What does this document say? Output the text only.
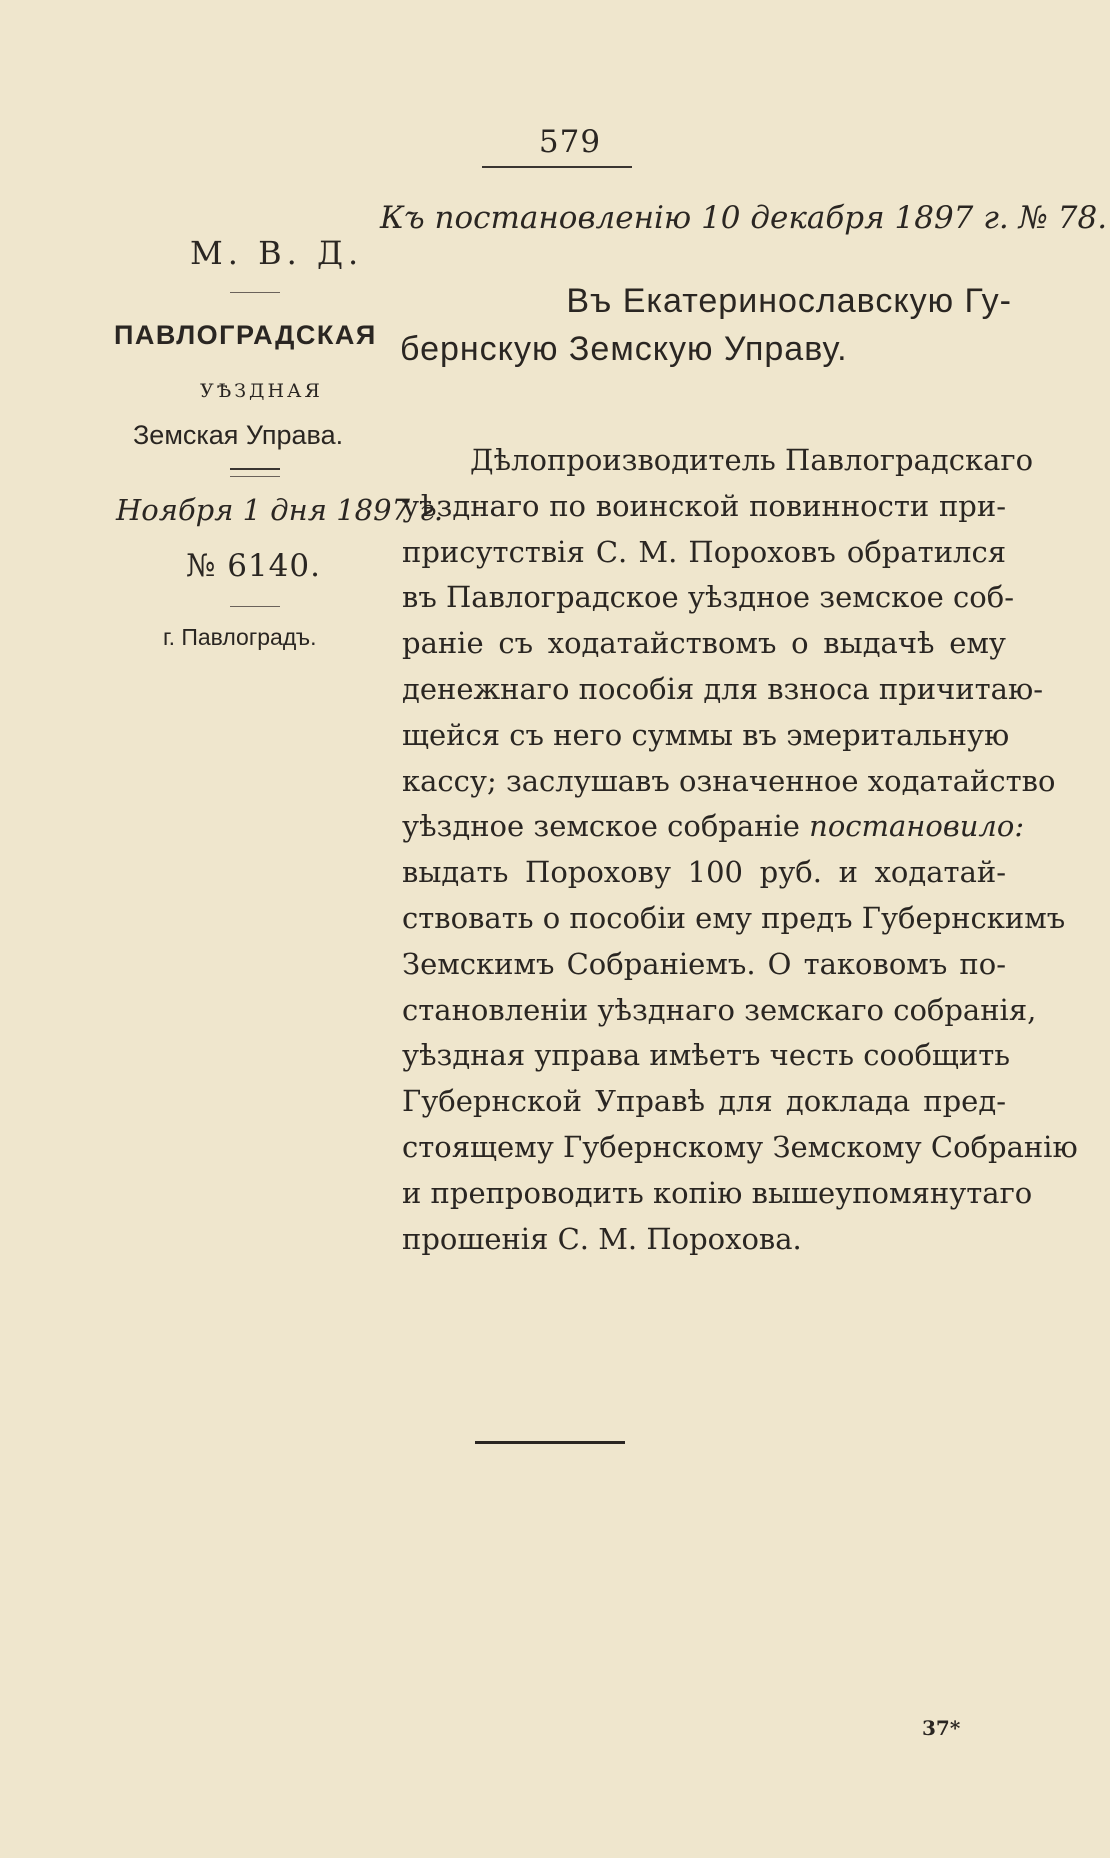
579
Къ постановленію 10 декабря 1897 г. № 78.
М. В. Д.
ПАВЛОГРАДСКАЯ
УѢЗДНАЯ
Земская Управа.
Ноября 1 дня 1897 г.
№ 6140.
г. Павлоградъ.
Въ Екатеринославскую Гу-
бернскую Земскую Управу.
Дѣлопроизводитель Павлоградскаго
уѣзднаго по воинской повинности при-
присутствія С. М. Пороховъ обратился
въ Павлоградское уѣздное земское соб-
раніе съ ходатайствомъ о выдачѣ ему
денежнаго пособія для взноса причитаю-
щейся съ него суммы въ эмеритальную
кассу; заслушавъ означенное ходатайство
уѣздное земское собраніе постановило:
выдать Порохову 100 руб. и ходатай-
ствовать о пособіи ему предъ Губернскимъ
Земскимъ Собраніемъ. О таковомъ по-
становленіи уѣзднаго земскаго собранія,
уѣздная управа имѣетъ честь сообщить
Губернской Управѣ для доклада пред-
стоящему Губернскому Земскому Собранію
и препроводить копію вышеупомянутаго
прошенія С. М. Порохова.
37*
